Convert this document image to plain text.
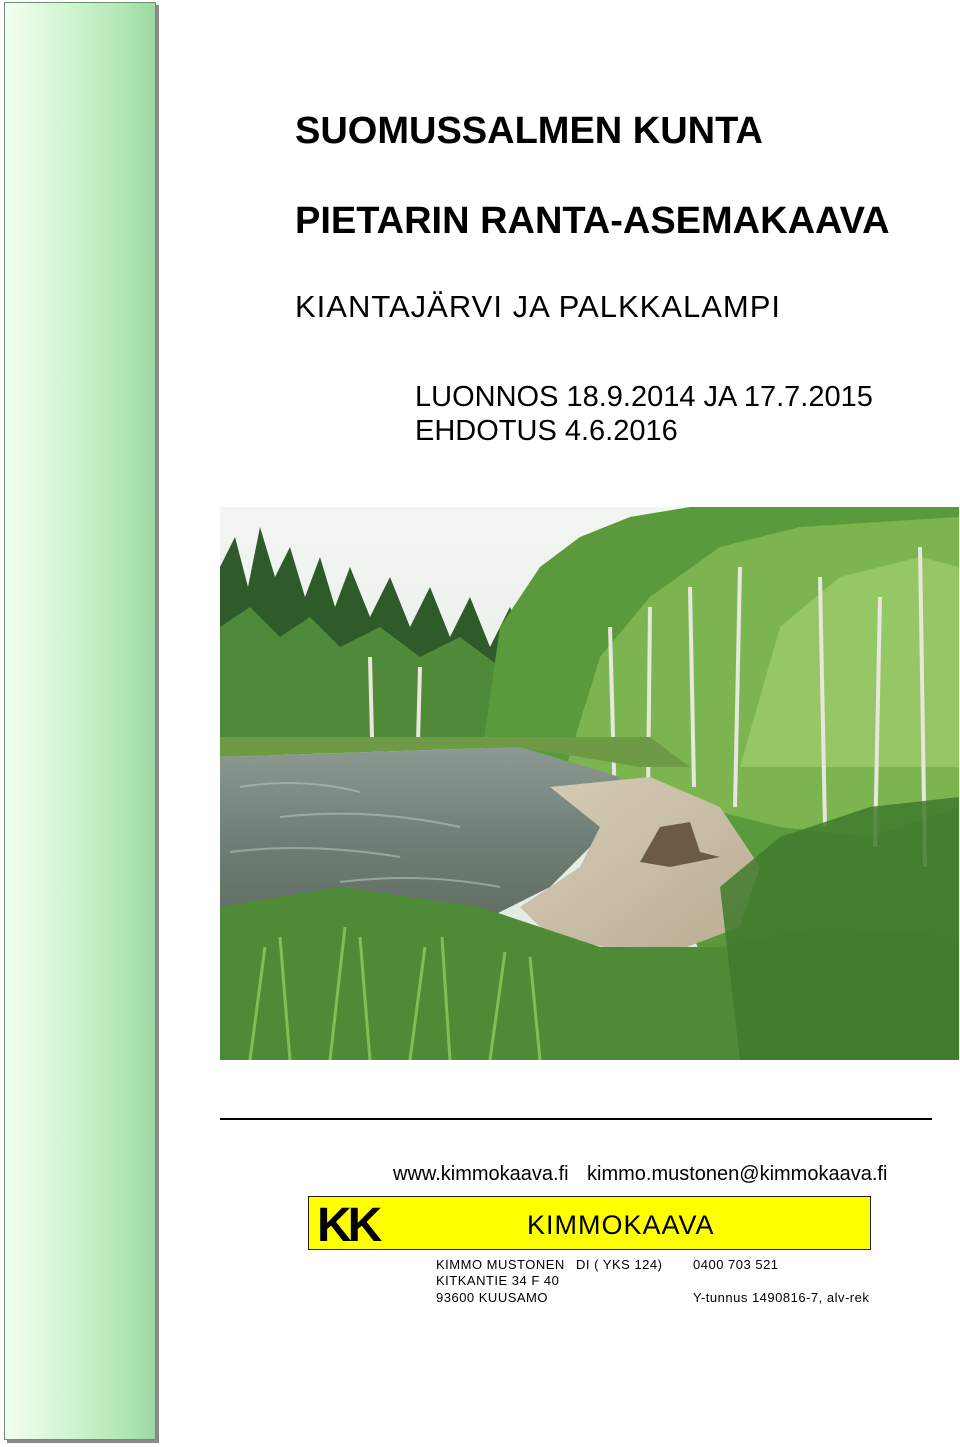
SUOMUSSALMEN KUNTA
PIETARIN RANTA-ASEMAKAAVA
KIANTAJÄRVI JA PALKKALAMPI
LUONNOS 18.9.2014 JA 17.7.2015
EHDOTUS 4.6.2016
www.kimmokaava.fi kimmo.mustonen@kimmokaava.fi
KK	KIMMOKAAVA
KIMMO MUSTONEN DI ( YKS 124) 0400 703 521
KITKANTIE 34 F 40
93600 KUUSAMO	Y-tunnus 1490816-7, alv-rek
